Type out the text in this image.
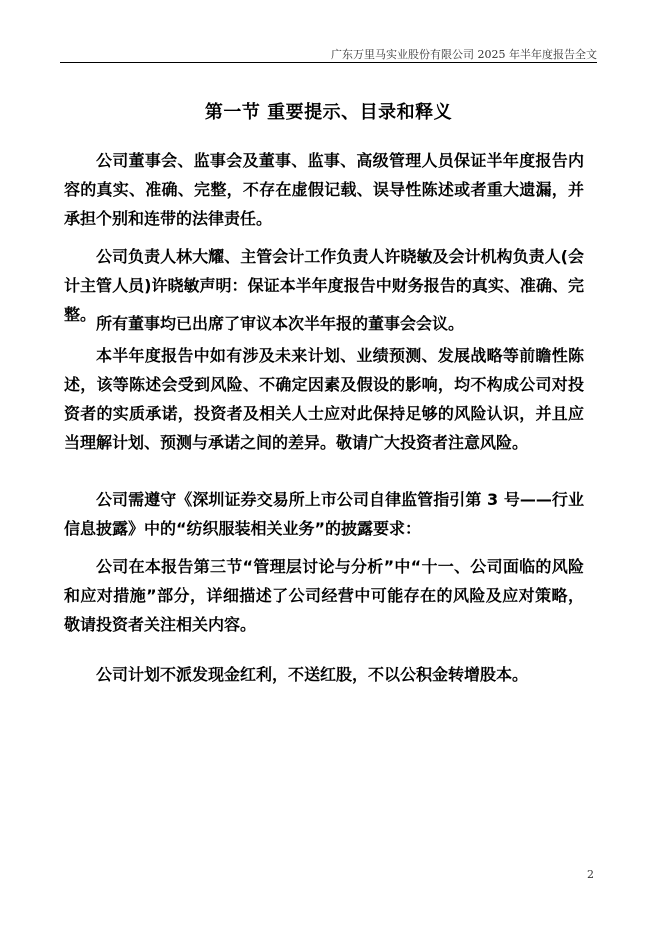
广东万里马实业股份有限公司 2025 年半年度报告全文
第一节 重要提示、目录和释义

公司董事会、监事会及董事、监事、高级管理人员保证半年度报告内容的真实、准确、完整，不存在虚假记载、误导性陈述或者重大遗漏，并承担个别和连带的法律责任。

公司负责人林大耀、主管会计工作负责人许晓敏及会计机构负责人(会计主管人员)许晓敏声明：保证本半年度报告中财务报告的真实、准确、完整。 所有董事均已出席了审议本次半年报的董事会会议。

本半年度报告中如有涉及未来计划、业绩预测、发展战略等前瞻性陈述，该等陈述会受到风险、不确定因素及假设的影响，均不构成公司对投资者的实质承诺，投资者及相关人士应对此保持足够的风险认识，并且应当理解计划、预测与承诺之间的差异。敬请广大投资者注意风险。

公司需遵守《深圳证券交易所上市公司自律监管指引第 3 号——行业信息披露》中的“纺织服装相关业务”的披露要求：

公司在本报告第三节“管理层讨论与分析”中“十一、公司面临的风险和应对措施”部分，详细描述了公司经营中可能存在的风险及应对策略，敬请投资者关注相关内容。

公司计划不派发现金红利，不送红股，不以公积金转增股本。

2
